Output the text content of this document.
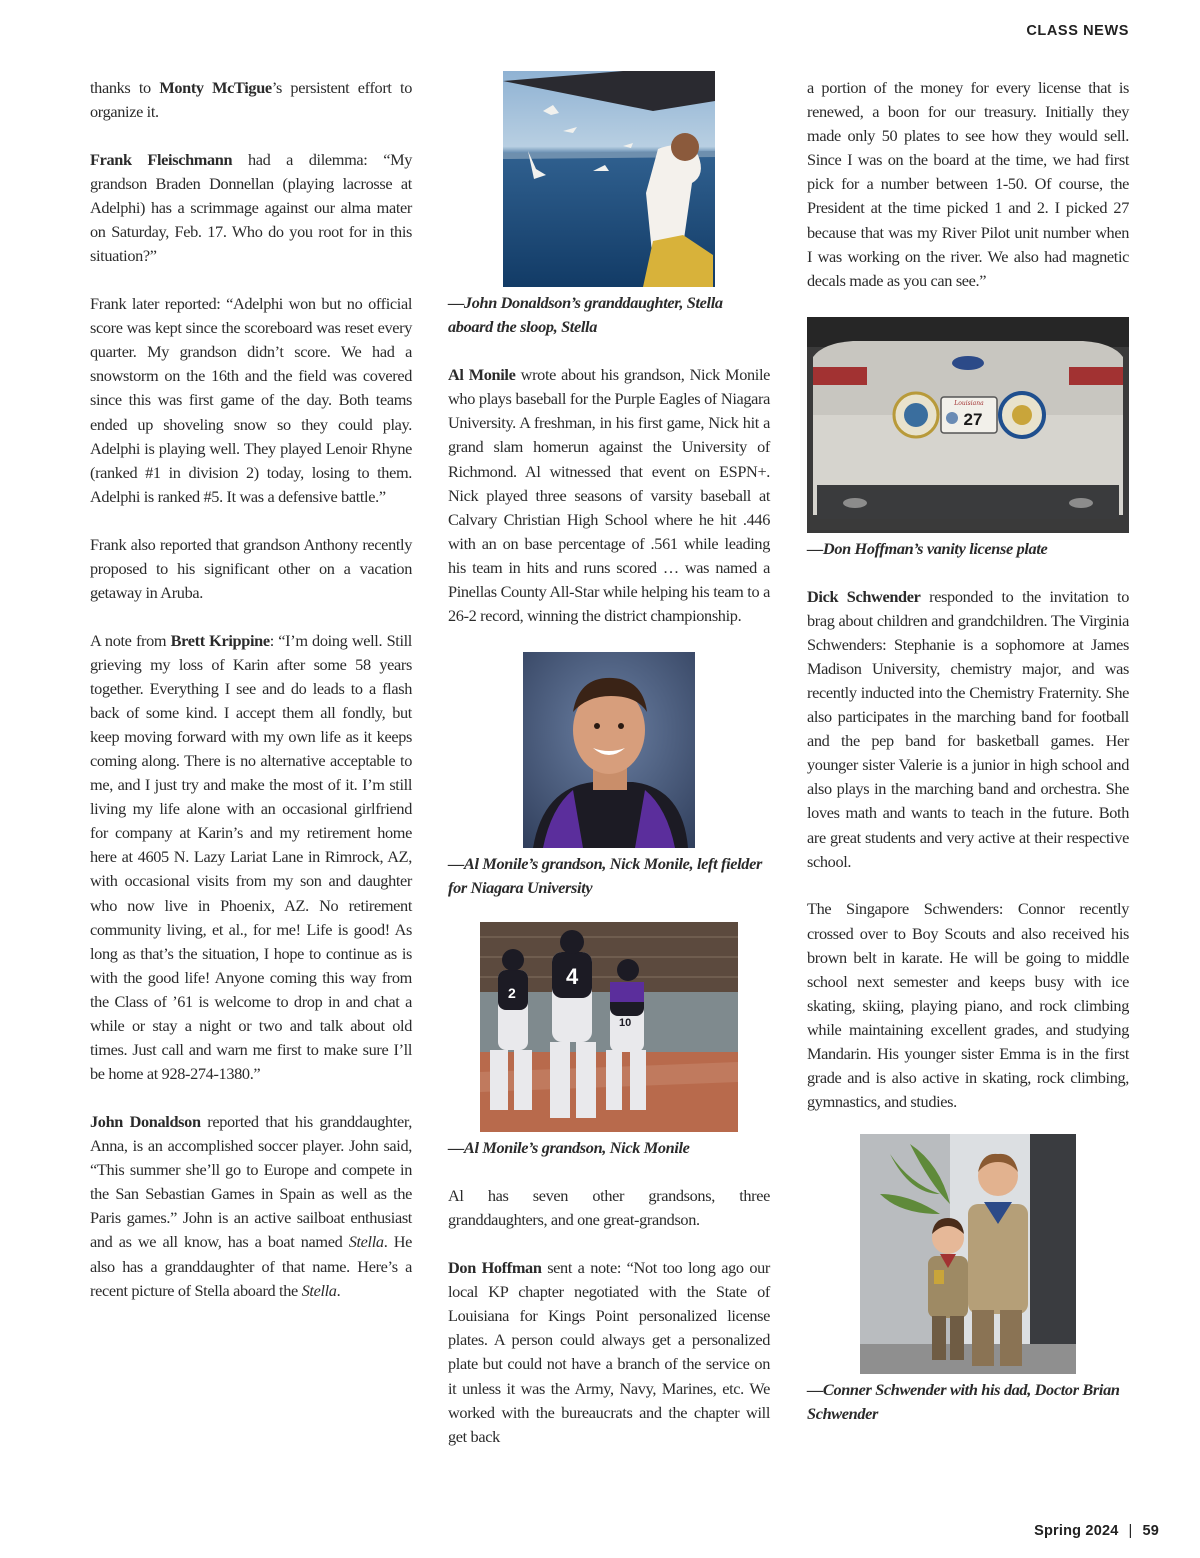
CLASS NEWS

thanks to Monty McTigue’s persistent effort to organize it.

Frank Fleischmann had a dilemma: “My grandson Braden Donnellan (playing lacrosse at Adelphi) has a scrimmage against our alma mater on Saturday, Feb. 17. Who do you root for in this situation?”

Frank later reported: “Adelphi won but no official score was kept since the scoreboard was reset every quarter. My grandson didn’t score. We had a snowstorm on the 16th and the field was covered since this was first game of the day. Both teams ended up shoveling snow so they could play. Adelphi is playing well. They played Lenoir Rhyne (ranked #1 in division 2) today, losing to them. Adelphi is ranked #5. It was a defensive battle.”

Frank also reported that grandson Anthony recently proposed to his significant other on a vacation getaway in Aruba.

A note from Brett Krippine: “I’m doing well. Still grieving my loss of Karin after some 58 years together. Everything I see and do leads to a flash back of some kind. I accept them all fondly, but keep moving forward with my own life as it keeps coming along. There is no alternative acceptable to me, and I just try and make the most of it. I’m still living my life alone with an occasional girlfriend for company at Karin’s and my retirement home here at 4605 N. Lazy Lariat Lane in Rimrock, AZ, with occasional visits from my son and daughter who now live in Phoenix, AZ. No retirement community living, et al., for me! Life is good! As long as that’s the situation, I hope to continue as is with the good life! Anyone coming this way from the Class of ’61 is welcome to drop in and chat a while or stay a night or two and talk about old times. Just call and warn me first to make sure I’ll be home at 928-274-1380.”

John Donaldson reported that his granddaughter, Anna, is an accomplished soccer player. John said, “This summer she’ll go to Europe and compete in the San Sebastian Games in Spain as well as the Paris games.” John is an active sailboat enthusiast and as we all know, has a boat named Stella. He also has a granddaughter of that name. Here’s a recent picture of Stella aboard the Stella.

—John Donaldson’s granddaughter, Stella aboard the sloop, Stella

Al Monile wrote about his grandson, Nick Monile who plays baseball for the Purple Eagles of Niagara University. A freshman, in his first game, Nick hit a grand slam homerun against the University of Richmond. Al witnessed that event on ESPN+. Nick played three seasons of varsity baseball at Calvary Christian High School where he hit .446 with an on base percentage of .561 while leading his team in hits and runs scored … was named a Pinellas County All-Star while helping his team to a 26-2 record, winning the district championship.

—Al Monile’s grandson, Nick Monile, left fielder for Niagara University

2
4
10

—Al Monile’s grandson, Nick Monile

Al has seven other grandsons, three granddaughters, and one great-grandson.

Don Hoffman sent a note: “Not too long ago our local KP chapter negotiated with the State of Louisiana for Kings Point personalized license plates. A person could always get a personalized plate but could not have a branch of the service on it unless it was the Army, Navy, Marines, etc. We worked with the bureaucrats and the chapter will get back

a portion of the money for every license that is renewed, a boon for our treasury. Initially they made only 50 plates to see how they would sell. Since I was on the board at the time, we had first pick for a number between 1-50. Of course, the President at the time picked 1 and 2. I picked 27 because that was my River Pilot unit number when I was working on the river. We also had magnetic decals made as you can see.”

Louisiana
27

—Don Hoffman’s vanity license plate

Dick Schwender responded to the invitation to brag about children and grandchildren. The Virginia Schwenders: Stephanie is a sophomore at James Madison University, chemistry major, and was recently inducted into the Chemistry Fraternity. She also participates in the marching band for football and the pep band for basketball games. Her younger sister Valerie is a junior in high school and also plays in the marching band and orchestra. She loves math and wants to teach in the future. Both are great students and very active at their respective school.

The Singapore Schwenders: Connor recently crossed over to Boy Scouts and also received his brown belt in karate. He will be going to middle school next semester and keeps busy with ice skating, skiing, playing piano, and rock climbing while maintaining excellent grades, and studying Mandarin. His younger sister Emma is in the first grade and is also active in skating, rock climbing, gymnastics, and studies.

—Conner Schwender with his dad, Doctor Brian Schwender

Spring 2024 | 59
